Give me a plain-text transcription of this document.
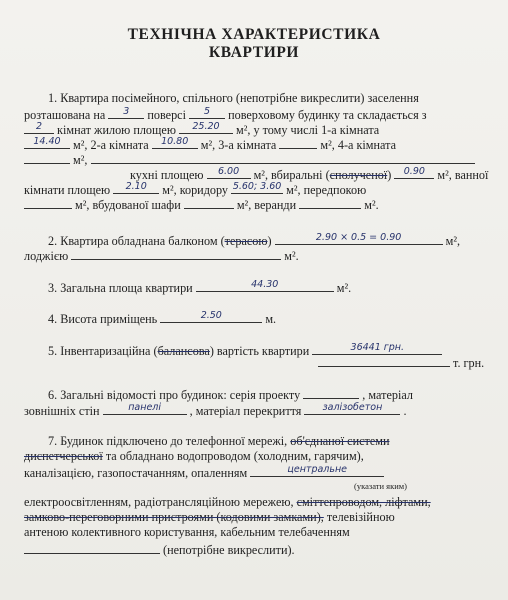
ТЕХНІЧНА ХАРАКТЕРИСТИКА
КВАРТИРИ
1. Квартира посімейного, спільного (непотрібне викреслити) заселення
розташована на	3	поверсі	5	поверховому будинку та складається з
2	кімнат жилою площею	25.20	м², у тому числі 1-а кімната
14.40	м², 2-а кімната	10.80	м², 3-а кімната	м², 4-а кімната
м²,
кухні площею	6.00	м², вбиральні (сполученої)	0.90	м², ванної
кімнати площею	2.10	м², коридору 5.60; 3.60 м², передпокою
м², вбудованої шафи	м², веранди	м².
2. Квартира обладнана балконом (терасою)	2.90 × 0.5 = 0.90	м²,
лоджією	м².
3. Загальна площа квартири	44.30	м².
4. Висота приміщень	2.50	м.
5. Інвентаризаційна (балансова) вартість квартири	36441 грн.
т. грн.
6. Загальні відомості про будинок: серія проекту	, матеріал
зовнішніх стін	панелі	, матеріал перекриття	залізобетон	.
7. Будинок підключено до телефонної мережі, об'єднаної системи
диспетчерської та обладнано водопроводом (холодним, гарячим),
каналізацією, газопостачанням, опаленням	центральне
(указати яким)
електроосвітленням, радіотрансляційною мережею, сміттепроводом, ліфтами,
замково-переговорними пристроями (кодовими замками), телевізійною
антеною колективного користування, кабельним телебаченням
(непотрібне викреслити).
